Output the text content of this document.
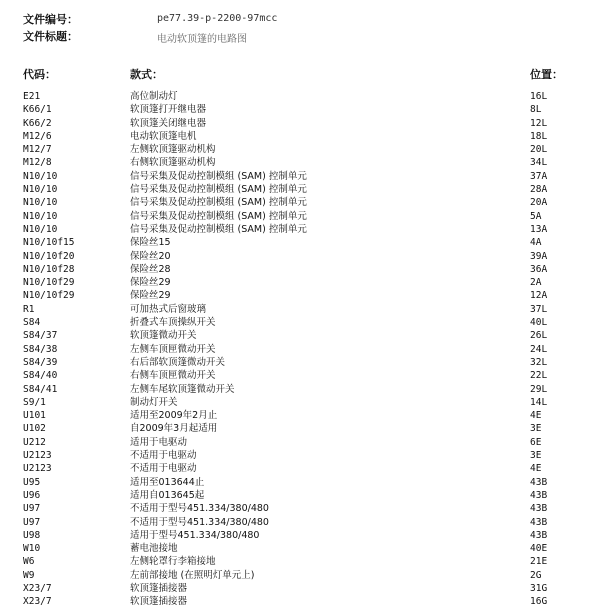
文件编号：	pe77.39-p-2200-97mcc
文件标题：	电动软顶篷的电路图
代码：	款式：	位置：
E21	高位制动灯	16L
K66/1	软顶篷打开继电器	8L
K66/2	软顶篷关闭继电器	12L
M12/6	电动软顶篷电机	18L
M12/7	左侧软顶篷驱动机构	20L
M12/8	右侧软顶篷驱动机构	34L
N10/10	信号采集及促动控制模组 (SAM) 控制单元	37A
N10/10	信号采集及促动控制模组 (SAM) 控制单元	28A
N10/10	信号采集及促动控制模组 (SAM) 控制单元	20A
N10/10	信号采集及促动控制模组 (SAM) 控制单元	5A
N10/10	信号采集及促动控制模组 (SAM) 控制单元	13A
N10/10f15	保险丝15	4A
N10/10f20	保险丝20	39A
N10/10f28	保险丝28	36A
N10/10f29	保险丝29	2A
N10/10f29	保险丝29	12A
R1	可加热式后窗玻璃	37L
S84	折叠式车顶操纵开关	40L
S84/37	软顶篷微动开关	26L
S84/38	左侧车顶匣微动开关	24L
S84/39	右后部软顶篷微动开关	32L
S84/40	右侧车顶匣微动开关	22L
S84/41	左侧车尾软顶篷微动开关	29L
S9/1	制动灯开关	14L
U101	适用至2009年2月止	4E
U102	自2009年3月起适用	3E
U212	适用于电驱动	6E
U2123	不适用于电驱动	3E
U2123	不适用于电驱动	4E
U95	适用至013644止	43B
U96	适用自013645起	43B
U97	不适用于型号451.334/380/480	43B
U97	不适用于型号451.334/380/480	43B
U98	适用于型号451.334/380/480	43B
W10	蓄电池接地	40E
W6	左侧轮罩行李箱接地	21E
W9	左前部接地 (在照明灯单元上)	2G
X23/7	软顶篷插接器	31G
X23/7	软顶篷插接器	16G
